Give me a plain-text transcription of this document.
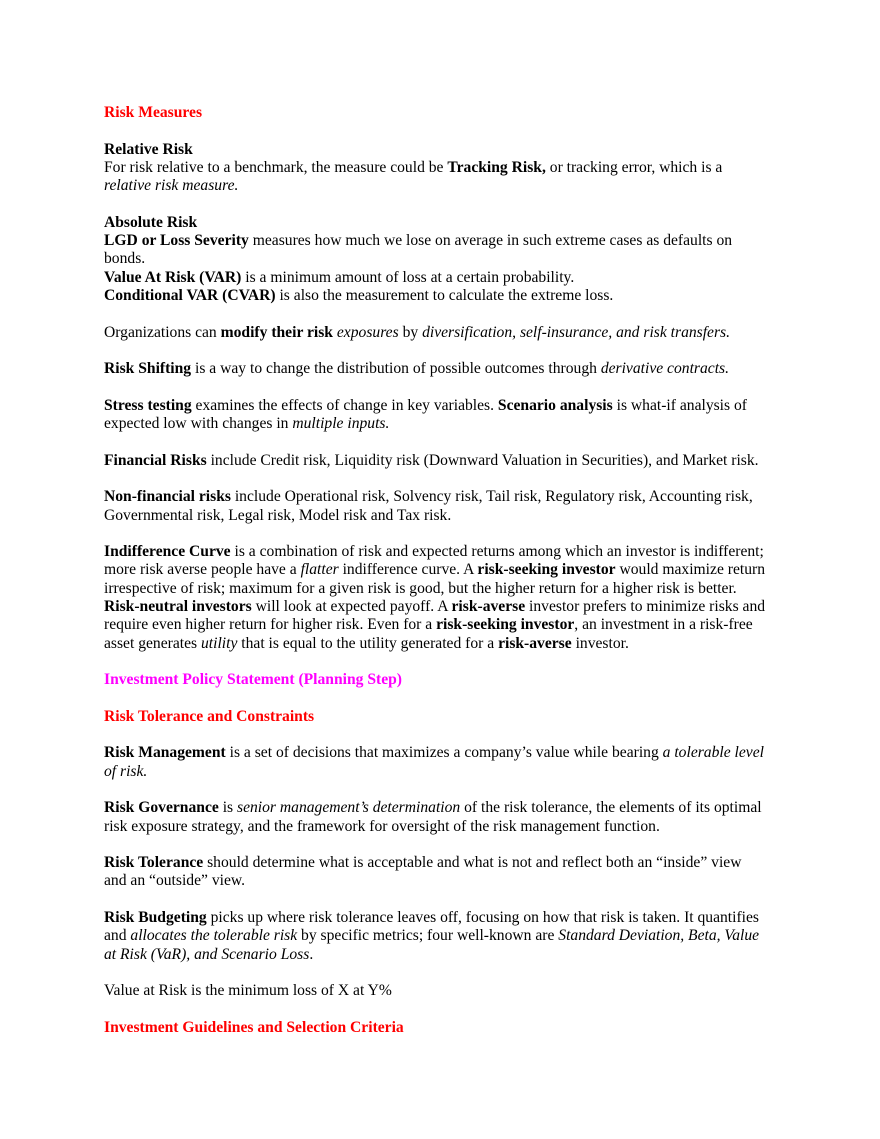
Risk Measures

Relative Risk

For risk relative to a benchmark, the measure could be Tracking Risk, or tracking error, which is a

relative risk measure.

Absolute Risk

LGD or Loss Severity measures how much we lose on average in such extreme cases as defaults on

bonds.

Value At Risk (VAR) is a minimum amount of loss at a certain probability.

Conditional VAR (CVAR) is also the measurement to calculate the extreme loss.

Organizations can modify their risk exposures by diversification, self-insurance, and risk transfers.

Risk Shifting is a way to change the distribution of possible outcomes through derivative contracts.

Stress testing examines the effects of change in key variables. Scenario analysis is what-if analysis of

expected low with changes in multiple inputs.

Financial Risks include Credit risk, Liquidity risk (Downward Valuation in Securities), and Market risk.

Non-financial risks include Operational risk, Solvency risk, Tail risk, Regulatory risk, Accounting risk,

Governmental risk, Legal risk, Model risk and Tax risk.

Indifference Curve is a combination of risk and expected returns among which an investor is indifferent;

more risk averse people have a flatter indifference curve. A risk-seeking investor would maximize return

irrespective of risk; maximum for a given risk is good, but the higher return for a higher risk is better.

Risk-neutral investors will look at expected payoff. A risk-averse investor prefers to minimize risks and

require even higher return for higher risk. Even for a risk-seeking investor, an investment in a risk-free

asset generates utility that is equal to the utility generated for a risk-averse investor.

Investment Policy Statement (Planning Step)

Risk Tolerance and Constraints

Risk Management is a set of decisions that maximizes a company’s value while bearing a tolerable level

of risk.

Risk Governance is senior management’s determination of the risk tolerance, the elements of its optimal

risk exposure strategy, and the framework for oversight of the risk management function.

Risk Tolerance should determine what is acceptable and what is not and reflect both an “inside” view

and an “outside” view.

Risk Budgeting picks up where risk tolerance leaves off, focusing on how that risk is taken. It quantifies

and allocates the tolerable risk by specific metrics; four well-known are Standard Deviation, Beta, Value

at Risk (VaR), and Scenario Loss.

Value at Risk is the minimum loss of X at Y%

Investment Guidelines and Selection Criteria
